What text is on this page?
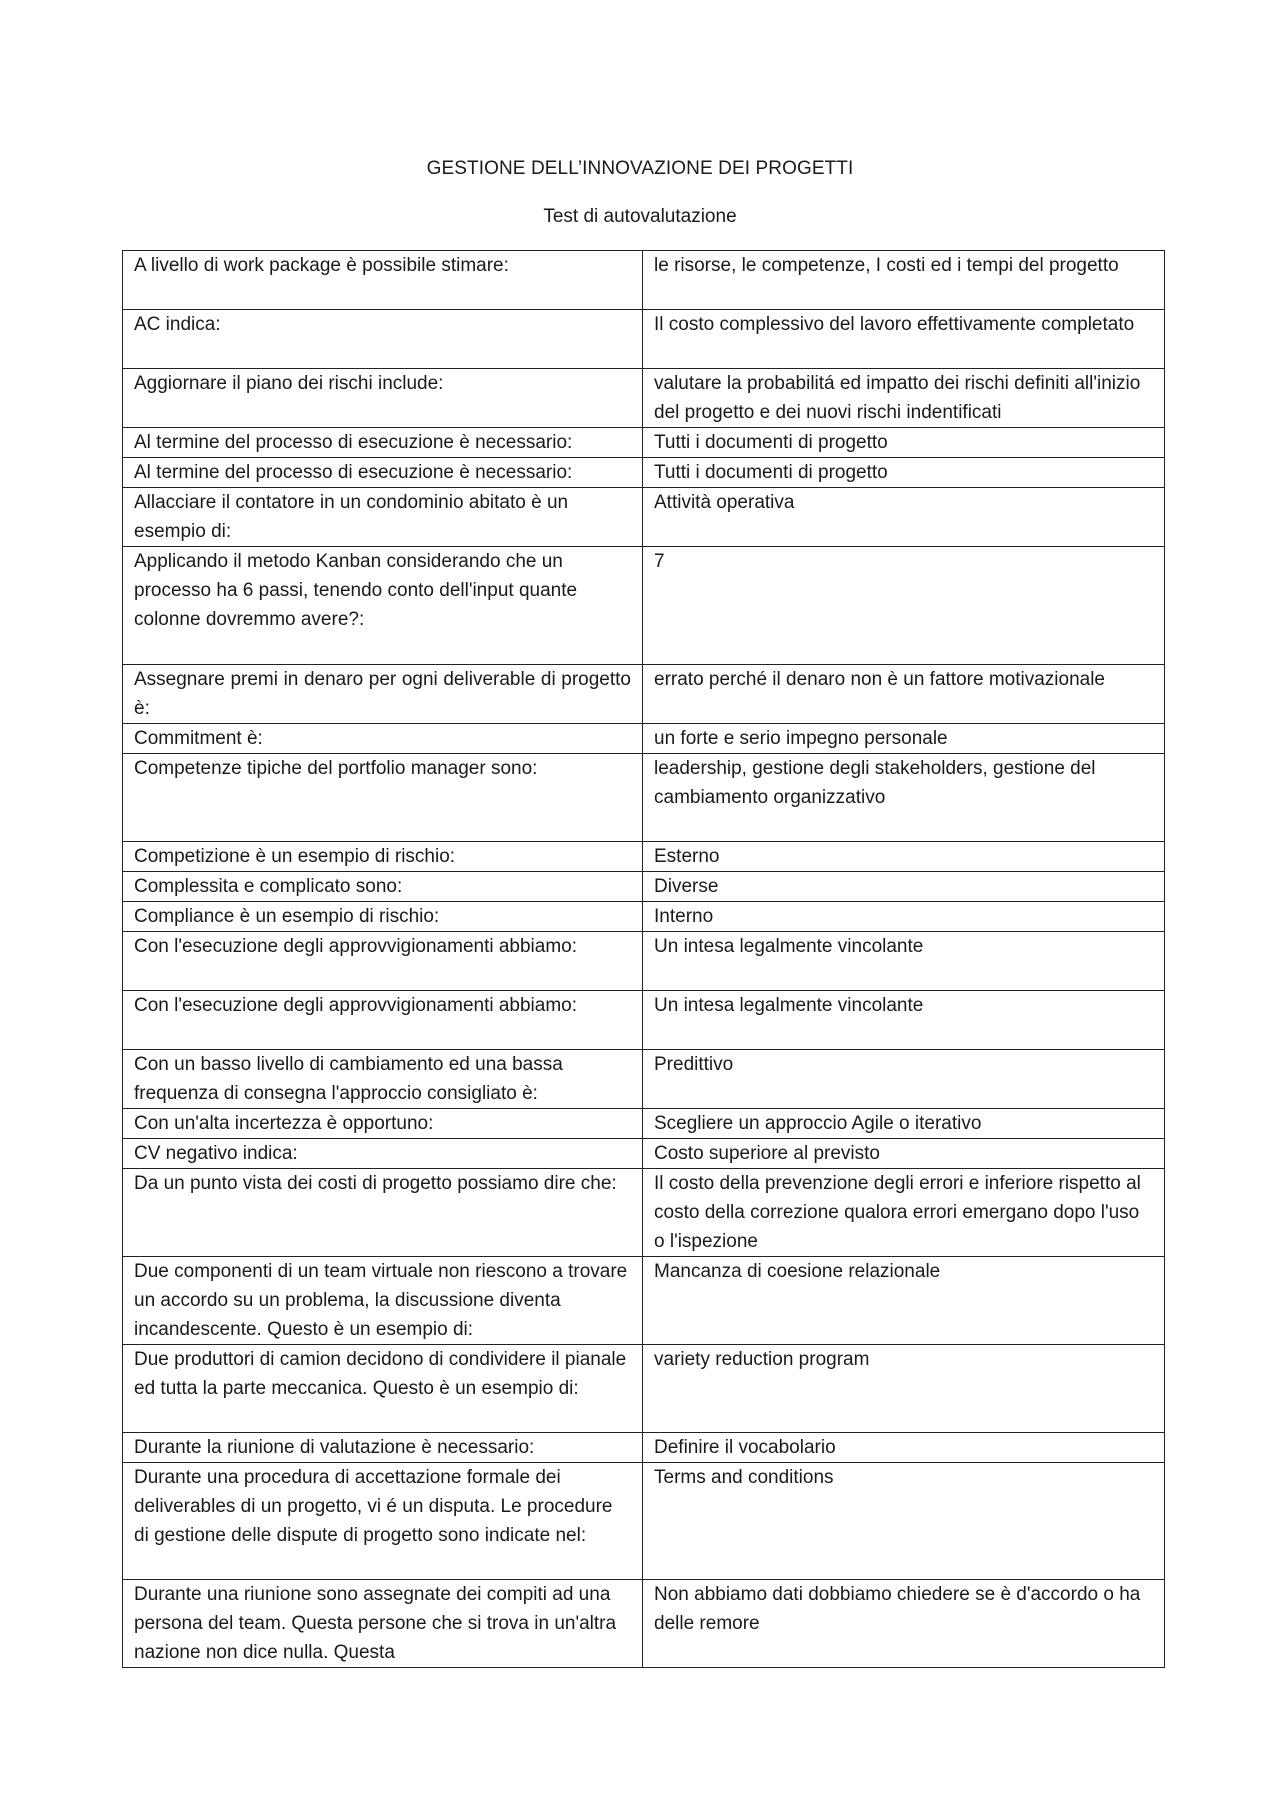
GESTIONE DELL’INNOVAZIONE DEI PROGETTI
Test di autovalutazione
A livello di work package è possibile stimare:	le risorse, le competenze, I costi ed i tempi del progetto
AC indica:	Il costo complessivo del lavoro effettivamente completato
Aggiornare il piano dei rischi include:	valutare la probabilitá ed impatto dei rischi definiti all'inizio del progetto e dei nuovi rischi indentificati
Al termine del processo di esecuzione è necessario:	Tutti i documenti di progetto
Al termine del processo di esecuzione è necessario:	Tutti i documenti di progetto
Allacciare il contatore in un condominio abitato è un esempio di:	Attività operativa
Applicando il metodo Kanban considerando che un processo ha 6 passi, tenendo conto dell'input quante colonne dovremmo avere?:	7
Assegnare premi in denaro per ogni deliverable di progetto è:	errato perché il denaro non è un fattore motivazionale
Commitment è:	un forte e serio impegno personale
Competenze tipiche del portfolio manager sono:	leadership, gestione degli stakeholders, gestione del cambiamento organizzativo
Competizione è un esempio di rischio:	Esterno
Complessita e complicato sono:	Diverse
Compliance è un esempio di rischio:	Interno
Con l'esecuzione degli approvvigionamenti abbiamo:	Un intesa legalmente vincolante
Con l'esecuzione degli approvvigionamenti abbiamo:	Un intesa legalmente vincolante
Con un basso livello di cambiamento ed una bassa frequenza di consegna l'approccio consigliato è:	Predittivo
Con un'alta incertezza è opportuno:	Scegliere un approccio Agile o iterativo
CV negativo indica:	Costo superiore al previsto
Da un punto vista dei costi di progetto possiamo dire che:	Il costo della prevenzione degli errori e inferiore rispetto al costo della correzione qualora errori emergano dopo l'uso o l'ispezione
Due componenti di un team virtuale non riescono a trovare un accordo su un problema, la discussione diventa incandescente. Questo è un esempio di:	Mancanza di coesione relazionale
Due produttori di camion decidono di condividere il pianale ed tutta la parte meccanica. Questo è un esempio di:	variety reduction program
Durante la riunione di valutazione è necessario:	Definire il vocabolario
Durante una procedura di accettazione formale dei deliverables di un progetto, vi é un disputa. Le procedure di gestione delle dispute di progetto sono indicate nel:	Terms and conditions
Durante una riunione sono assegnate dei compiti ad una persona del team. Questa persone che si trova in un'altra nazione non dice nulla. Questa	Non abbiamo dati dobbiamo chiedere se è d'accordo o ha delle remore
